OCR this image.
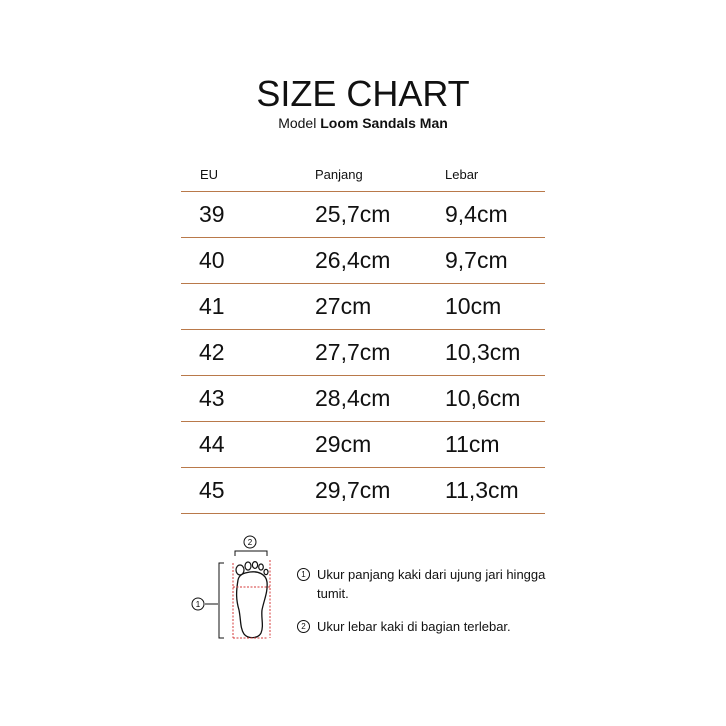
SIZE CHART
Model Loom Sandals Man
EU	Panjang	Lebar
39	25,7cm 9,4cm
40	26,4cm 9,7cm
41	27cm	10cm
42	27,7cm 10,3cm
43	28,4cm 10,6cm
44	29cm	11cm
45	29,7cm 11,3cm
2
1
1 Ukur panjang kaki dari ujung jari hingga tumit.
2 Ukur lebar kaki di bagian terlebar.
